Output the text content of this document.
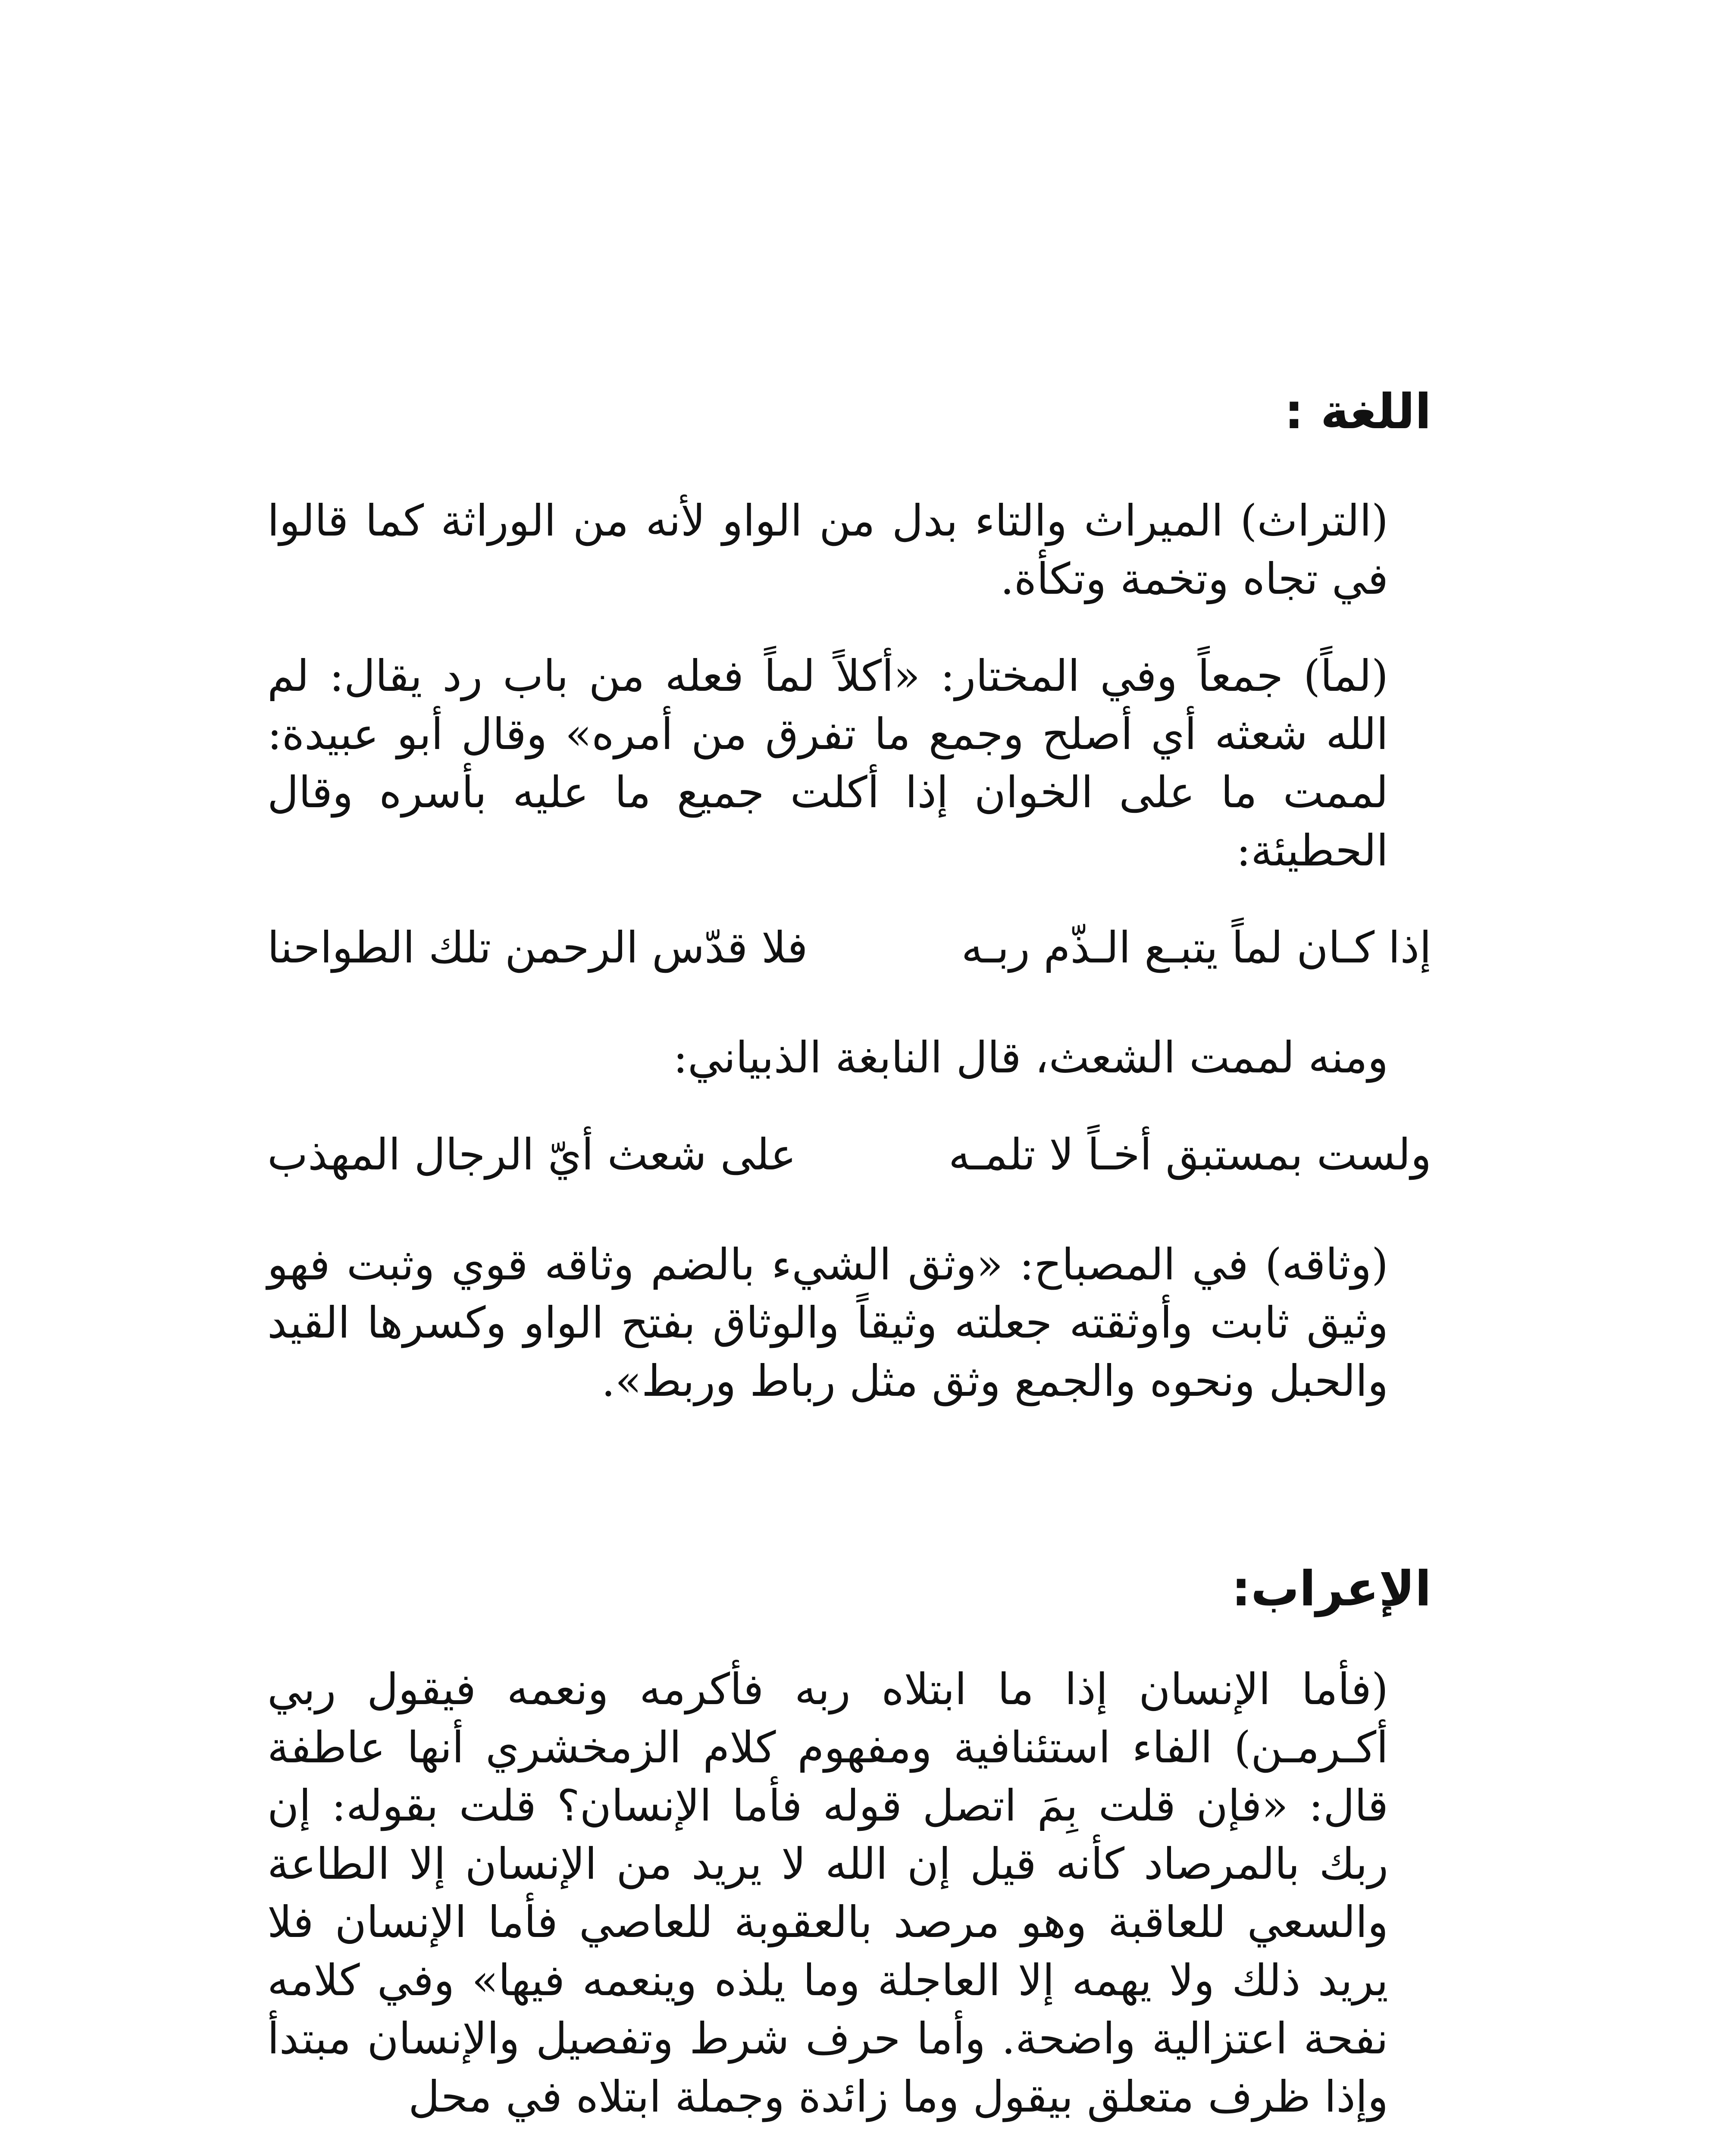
اللغة :

(التراث) الميراث والتاء بدل من الواو لأنه من الوراثة كما قالوا في تجاه وتخمة وتكأة.

(لماً) جمعاً وفي المختار: «أكلاً لماً فعله من باب رد يقال: لم الله شعثه أي أصلح وجمع ما تفرق من أمره» وقال أبو عبيدة: لممت ما على الخوان إذا أكلت جميع ما عليه بأسره وقال الحطيئة:

إذا كـان لماً يتبـع الـذّم ربـه
فلا قدّس الرحمن تلك الطواحنا

ومنه لممت الشعث، قال النابغة الذبياني:

ولست بمستبق أخـاً لا تلمـه
على شعث أيّ الرجال المهذب

(وثاقه) في المصباح: «وثق الشيء بالضم وثاقه قوي وثبت فهو وثيق ثابت وأوثقته جعلته وثيقاً والوثاق بفتح الواو وكسرها القيد والحبل ونحوه والجمع وثق مثل رباط وربط».

الإعراب:

(فأما الإنسان إذا ما ابتلاه ربه فأكرمه ونعمه فيقول ربي أكـرمـن) الفاء استئنافية ومفهوم كلام الزمخشري أنها عاطفة قال: «فإن قلت بِمَ اتصل قوله فأما الإنسان؟ قلت بقوله: إن ربك بالمرصاد كأنه قيل إن الله لا يريد من الإنسان إلا الطاعة والسعي للعاقبة وهو مرصد بالعقوبة للعاصي فأما الإنسان فلا يريد ذلك ولا يهمه إلا العاجلة وما يلذه وينعمه فيها» وفي كلامه نفحة اعتزالية واضحة. وأما حرف شرط وتفصيل والإنسان مبتدأ وإذا ظرف متعلق بيقول وما زائدة وجملة ابتلاه في محل
